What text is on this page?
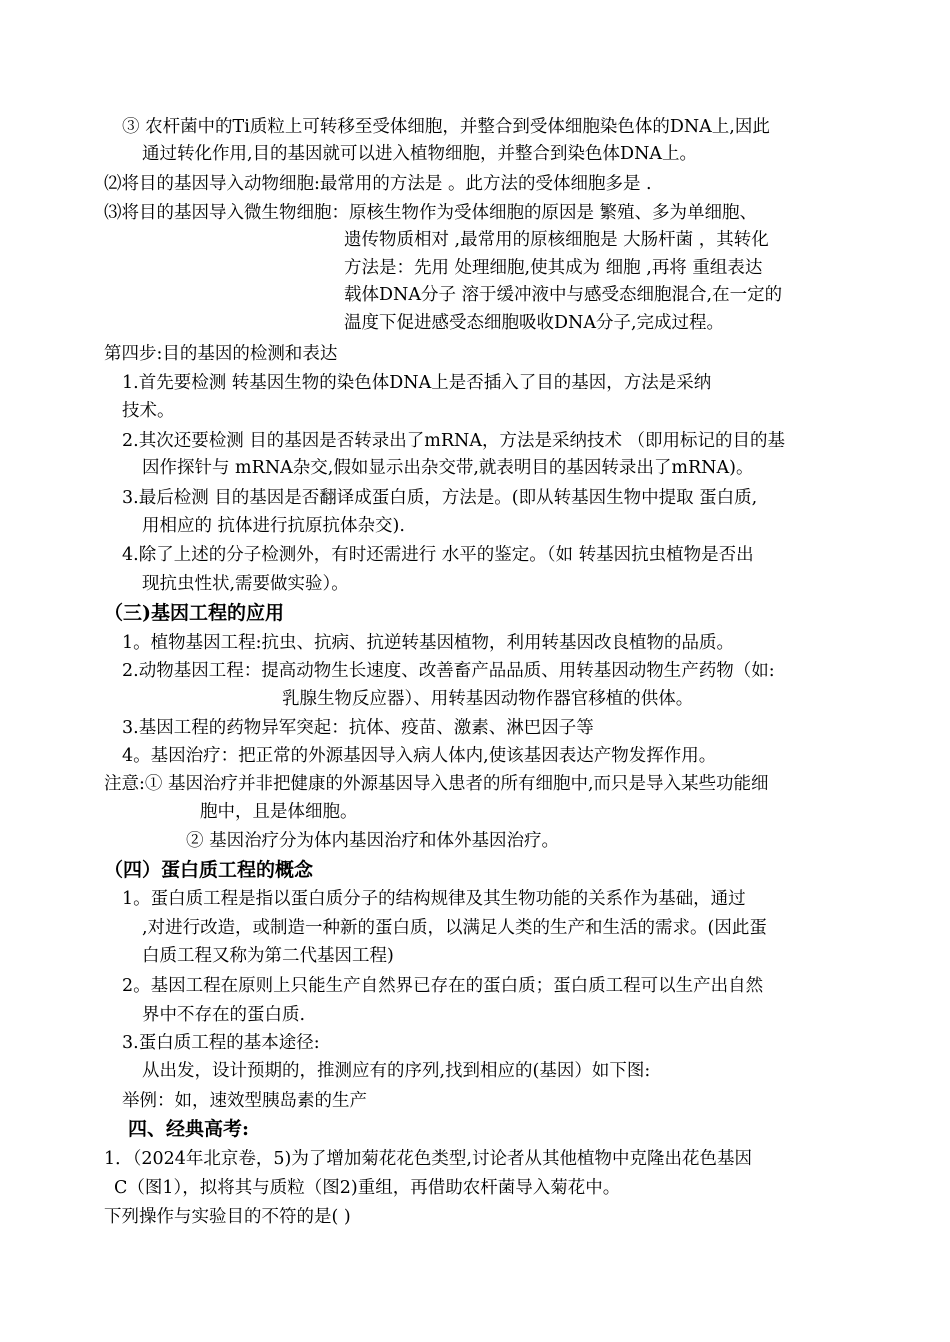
③ 农杆菌中的Ti质粒上可转移至受体细胞，并整合到受体细胞染色体的DNA上,因此
通过转化作用,目的基因就可以进入植物细胞，并整合到染色体DNA上。
⑵将目的基因导入动物细胞:最常用的方法是 。此方法的受体细胞多是 .
⑶将目的基因导入微生物细胞：原核生物作为受体细胞的原因是 繁殖、多为单细胞、
遗传物质相对 ,最常用的原核细胞是 大肠杆菌 ，其转化
方法是：先用 处理细胞,使其成为 细胞 ,再将 重组表达
载体DNA分子 溶于缓冲液中与感受态细胞混合,在一定的
温度下促进感受态细胞吸收DNA分子,完成过程。
第四步:目的基因的检测和表达
1.首先要检测 转基因生物的染色体DNA上是否插入了目的基因，方法是采纳
技术。
2.其次还要检测 目的基因是否转录出了mRNA，方法是采纳技术 （即用标记的目的基
因作探针与 mRNA杂交,假如显示出杂交带,就表明目的基因转录出了mRNA)。
3.最后检测 目的基因是否翻译成蛋白质，方法是。(即从转基因生物中提取 蛋白质,
用相应的 抗体进行抗原抗体杂交).
4.除了上述的分子检测外，有时还需进行 水平的鉴定。（如 转基因抗虫植物是否出
现抗虫性状,需要做实验）。
（三)基因工程的应用
1。植物基因工程:抗虫、抗病、抗逆转基因植物，利用转基因改良植物的品质。
2.动物基因工程：提高动物生长速度、改善畜产品品质、用转基因动物生产药物（如:
乳腺生物反应器）、用转基因动物作器官移植的供体。
3.基因工程的药物异军突起：抗体、疫苗、激素、淋巴因子等
4。基因治疗：把正常的外源基因导入病人体内,使该基因表达产物发挥作用。
注意:① 基因治疗并非把健康的外源基因导入患者的所有细胞中,而只是导入某些功能细
胞中，且是体细胞。
② 基因治疗分为体内基因治疗和体外基因治疗。
（四）蛋白质工程的概念
1。蛋白质工程是指以蛋白质分子的结构规律及其生物功能的关系作为基础，通过
,对进行改造，或制造一种新的蛋白质，以满足人类的生产和生活的需求。(因此蛋
白质工程又称为第二代基因工程)
2。基因工程在原则上只能生产自然界已存在的蛋白质；蛋白质工程可以生产出自然
界中不存在的蛋白质.
3.蛋白质工程的基本途径:
从出发，设计预期的，推测应有的序列,找到相应的(基因）如下图:
举例：如，速效型胰岛素的生产
四、经典高考:
1．（2024年北京卷，5)为了增加菊花花色类型,讨论者从其他植物中克隆出花色基因
C（图1），拟将其与质粒（图2)重组，再借助农杆菌导入菊花中。
下列操作与实验目的不符的是( )
